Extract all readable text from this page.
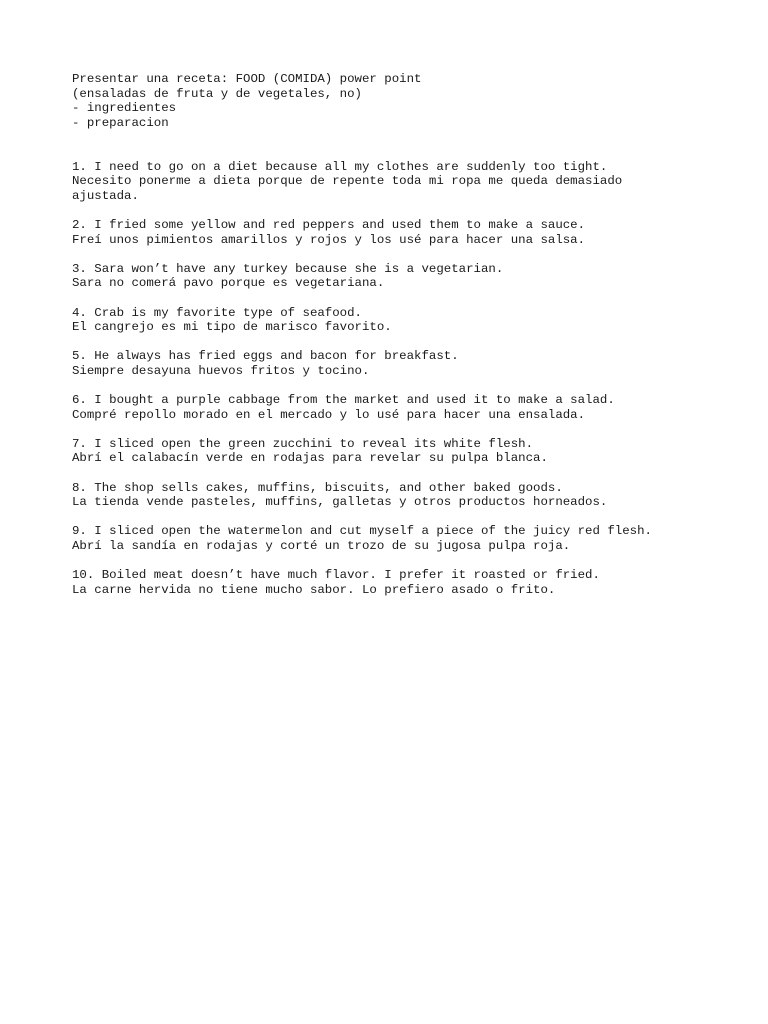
Presentar una receta: FOOD (COMIDA) power point
(ensaladas de fruta y de vegetales, no)
- ingredientes
- preparacion
1. I need to go on a diet because all my clothes are suddenly too tight.
Necesito ponerme a dieta porque de repente toda mi ropa me queda demasiado
ajustada.
2. I fried some yellow and red peppers and used them to make a sauce.
Freí unos pimientos amarillos y rojos y los usé para hacer una salsa.
3. Sara won’t have any turkey because she is a vegetarian.
Sara no comerá pavo porque es vegetariana.
4. Crab is my favorite type of seafood.
El cangrejo es mi tipo de marisco favorito.
5. He always has fried eggs and bacon for breakfast.
Siempre desayuna huevos fritos y tocino.
6. I bought a purple cabbage from the market and used it to make a salad.
Compré repollo morado en el mercado y lo usé para hacer una ensalada.
7. I sliced open the green zucchini to reveal its white flesh.
Abrí el calabacín verde en rodajas para revelar su pulpa blanca.
8. The shop sells cakes, muffins, biscuits, and other baked goods.
La tienda vende pasteles, muffins, galletas y otros productos horneados.
9. I sliced open the watermelon and cut myself a piece of the juicy red flesh.
Abrí la sandía en rodajas y corté un trozo de su jugosa pulpa roja.
10. Boiled meat doesn’t have much flavor. I prefer it roasted or fried.
La carne hervida no tiene mucho sabor. Lo prefiero asado o frito.
